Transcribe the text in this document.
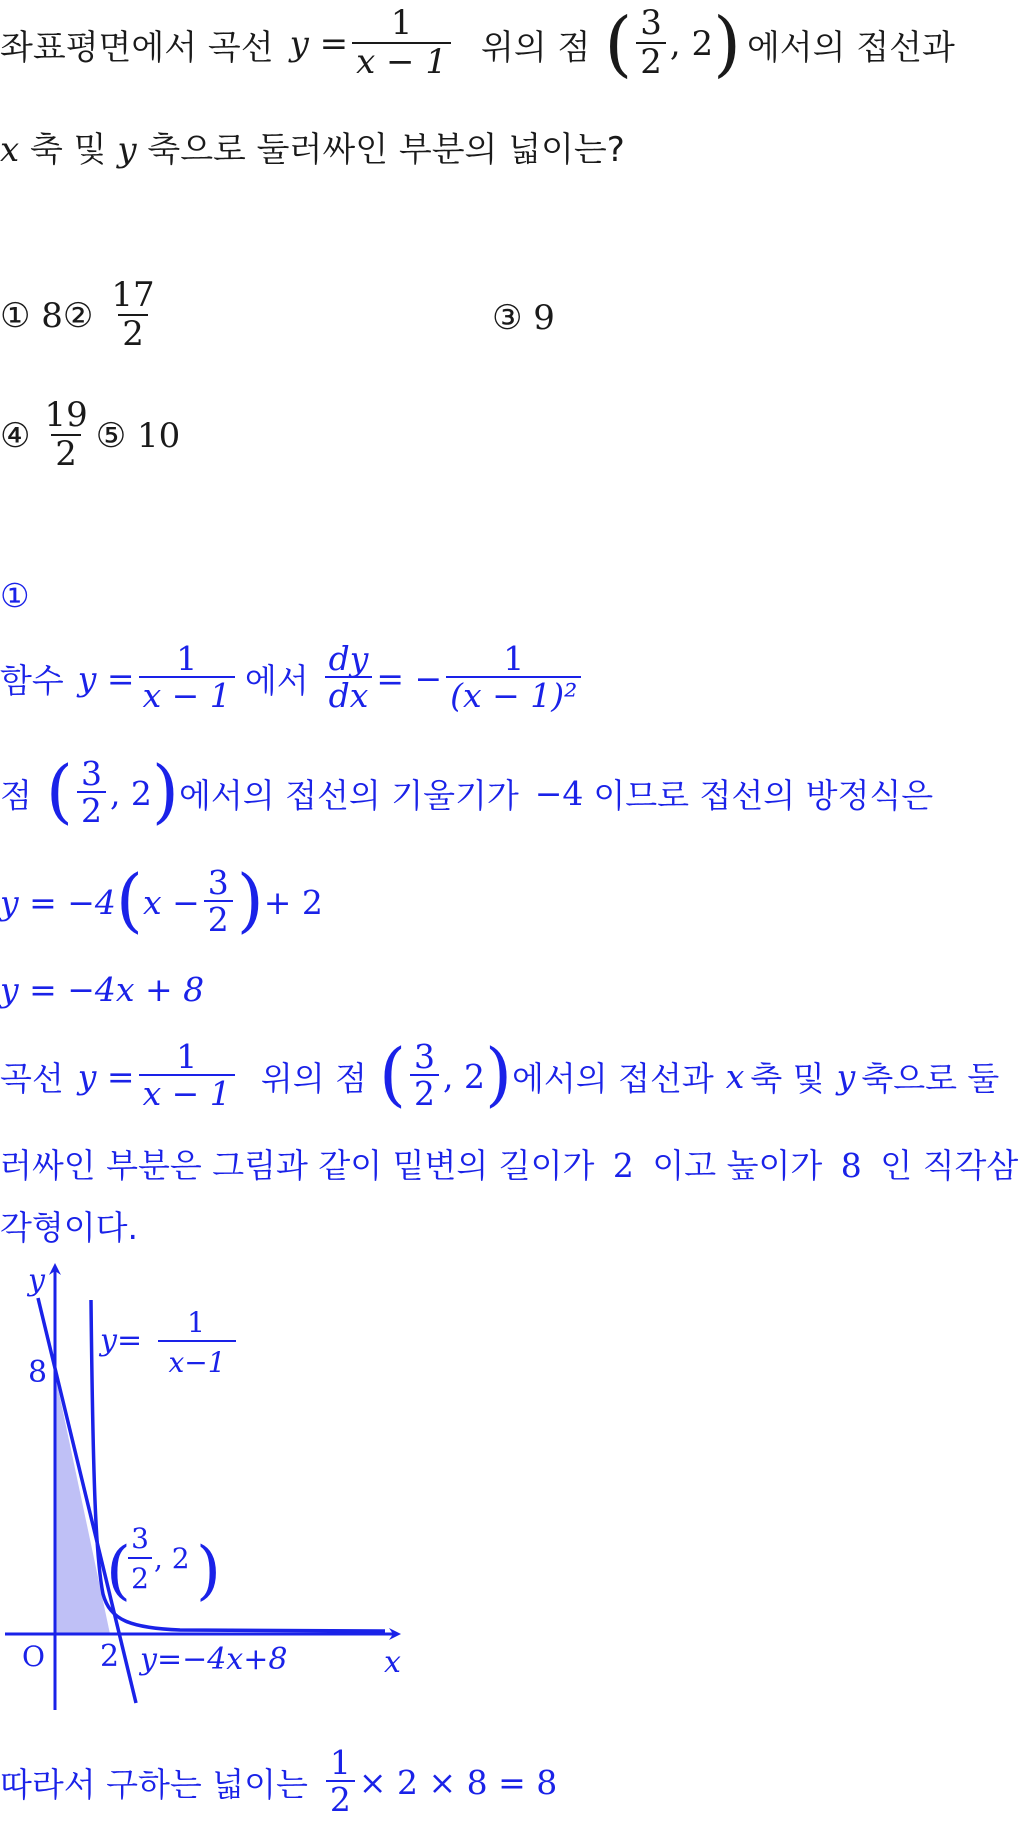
좌표평면에서 곡선 $y = \frac{1}{x - 1}$ 위의 점 ( $\frac{3}{2}$ , 2 ) 에서의 접선과
x 축 및 y 축으로 둘러싸인 부분의 넓이는?
① 8 ② $\frac{17}{2}$	③ 9
④ $\frac{19}{2}$ ⑤ 10
①
함수 $y = \frac{1}{x - 1}$ 에서 $\frac{dy}{dx}$ = − $\frac{1}{\text{(x − 1)²}}$
점 ( $\frac{3}{2}$ , 2 ) 에서의 접선의 기울기가 −4 이므로 접선의 방정식은
y = −4 ( $x - \frac{3}{2}$ ) + 2
y = −4x + 8
곡선 $y = \frac{1}{x - 1}$ 위의 점 ( $\frac{3}{2}$ , 2 ) 에서의 접선과 x 축 및 y 축으로 둘
러싸인 부분은 그림과 같이 밑변의 길이가 2 이고 높이가 8 인 직각삼
각형이다.
y
x
O
8
2
y=
1
x−1
( 3
2
, 2 )
y=−4x+8
따라서 구하는 넓이는 $\frac{1}{2} \times 2 \times 8 = 8$
